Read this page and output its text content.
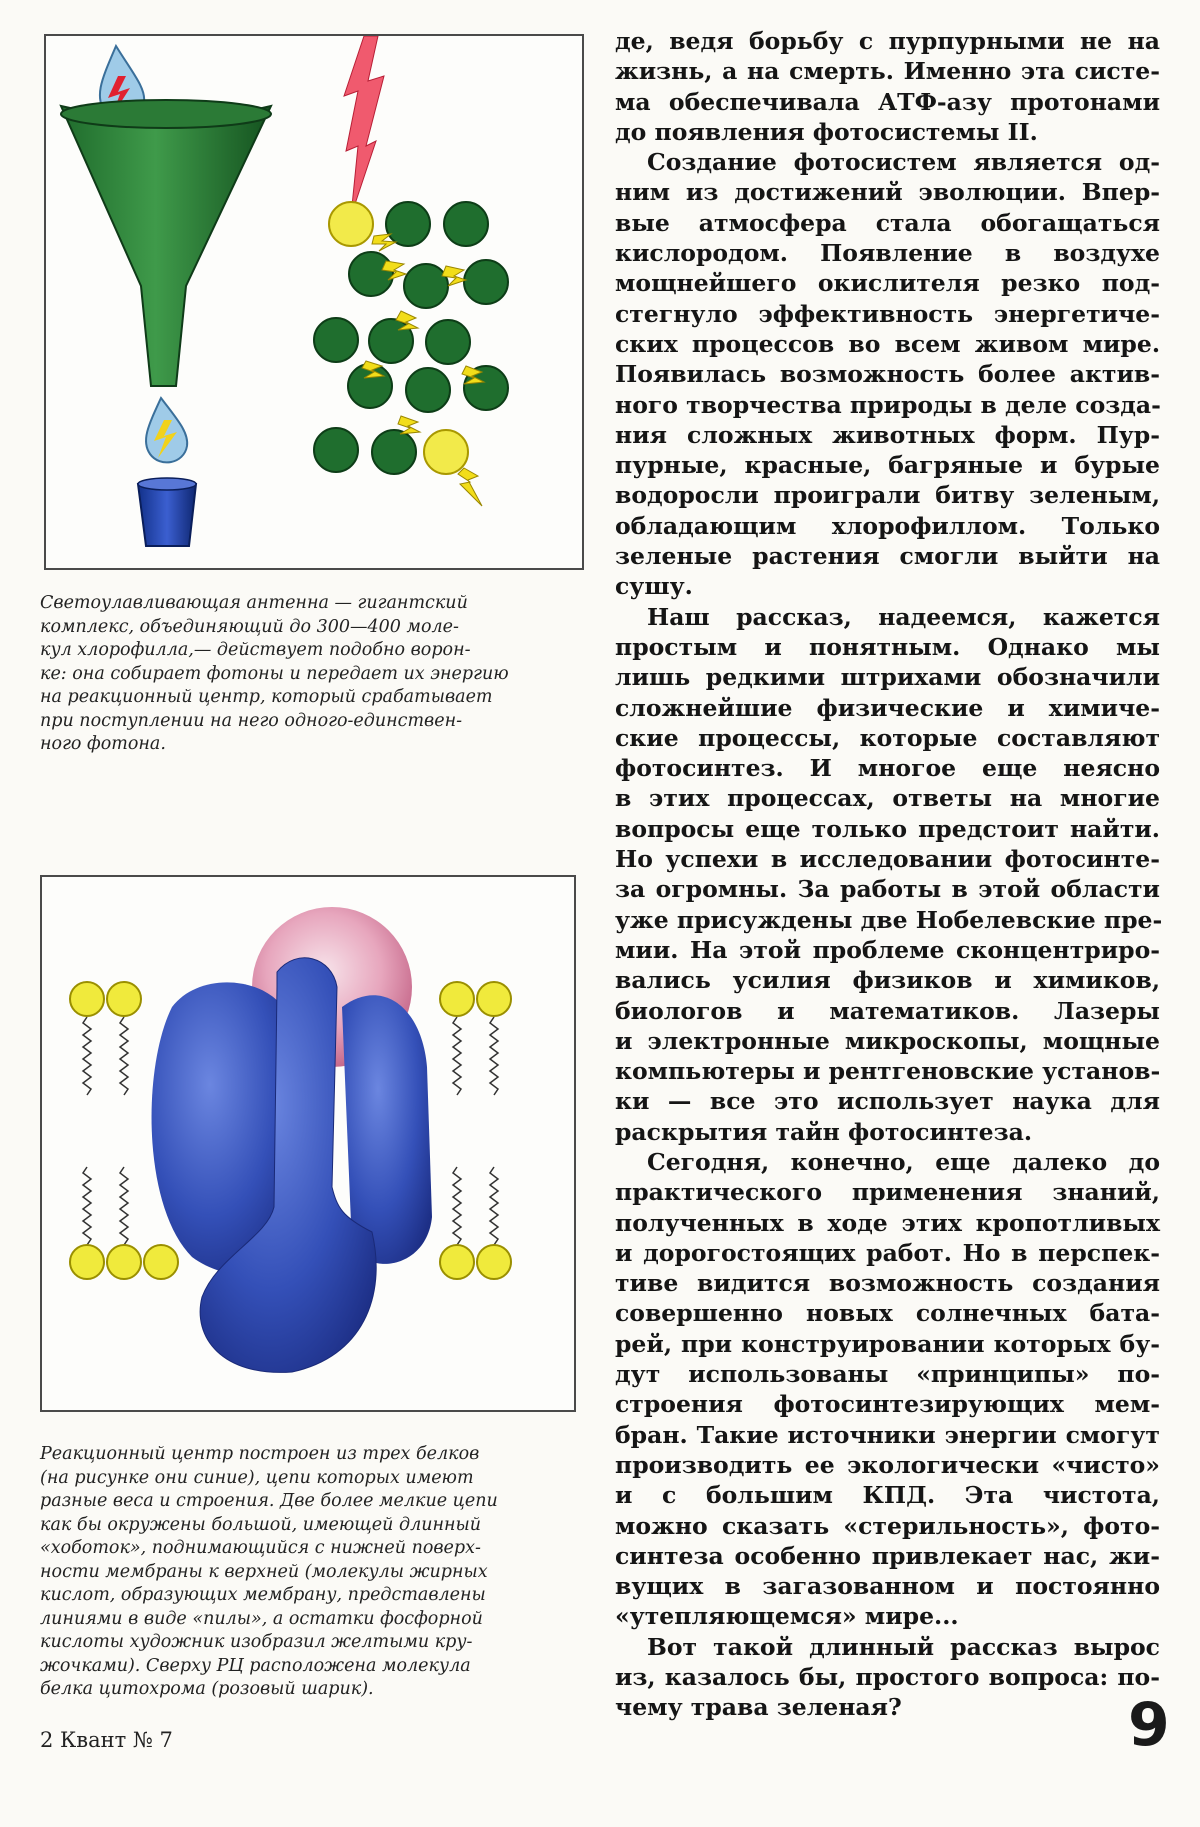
Светоулавливающая антенна — гигантский
комплекс, объединяющий до 300—400 моле-
кул хлорофилла,— действует подобно ворон-
ке: она собирает фотоны и передает их энергию
на реакционный центр, который срабатывает
при поступлении на него одного-единствен-
ного фотона.

Реакционный центр построен из трех белков
(на рисунке они синие), цепи которых имеют
разные веса и строения. Две более мелкие цепи
как бы окружены большой, имеющей длинный
«хоботок», поднимающийся с нижней поверх-
ности мембраны к верхней (молекулы жирных
кислот, образующих мембрану, представлены
линиями в виде «пилы», а остатки фосфорной
кислоты художник изобразил желтыми кру-
жочками). Сверху РЦ расположена молекула
белка цитохрома (розовый шарик).

де, ведя борьбу с пурпурными не на
жизнь, а на смерть. Именно эта систе-
ма обеспечивала АТФ-азу протонами
до появления фотосистемы II.

Создание фотосистем является од-
ним из достижений эволюции. Впер-
вые атмосфера стала обогащаться
кислородом. Появление в воздухе
мощнейшего окислителя резко под-
стегнуло эффективность энергетиче-
ских процессов во всем живом мире.
Появилась возможность более актив-
ного творчества природы в деле созда-
ния сложных животных форм. Пур-
пурные, красные, багряные и бурые
водоросли проиграли битву зеленым,
обладающим хлорофиллом. Только
зеленые растения смогли выйти на
сушу.

Наш рассказ, надеемся, кажется
простым и понятным. Однако мы
лишь редкими штрихами обозначили
сложнейшие физические и химиче-
ские процессы, которые составляют
фотосинтез. И многое еще неясно
в этих процессах, ответы на многие
вопросы еще только предстоит найти.
Но успехи в исследовании фотосинте-
за огромны. За работы в этой области
уже присуждены две Нобелевские пре-
мии. На этой проблеме сконцентриро-
вались усилия физиков и химиков,
биологов и математиков. Лазеры
и электронные микроскопы, мощные
компьютеры и рентгеновские установ-
ки — все это использует наука для
раскрытия тайн фотосинтеза.

Сегодня, конечно, еще далеко до
практического применения знаний,
полученных в ходе этих кропотливых
и дорогостоящих работ. Но в перспек-
тиве видится возможность создания
совершенно новых солнечных бата-
рей, при конструировании которых бу-
дут использованы «принципы» по-
строения фотосинтезирующих мем-
бран. Такие источники энергии смогут
производить ее экологически «чисто»
и с большим КПД. Эта чистота,
можно сказать «стерильность», фото-
синтеза особенно привлекает нас, жи-
вущих в загазованном и постоянно
«утепляющемся» мире...

Вот такой длинный рассказ вырос
из, казалось бы, простого вопроса: по-
чему трава зеленая?

2 Квант № 7	9
